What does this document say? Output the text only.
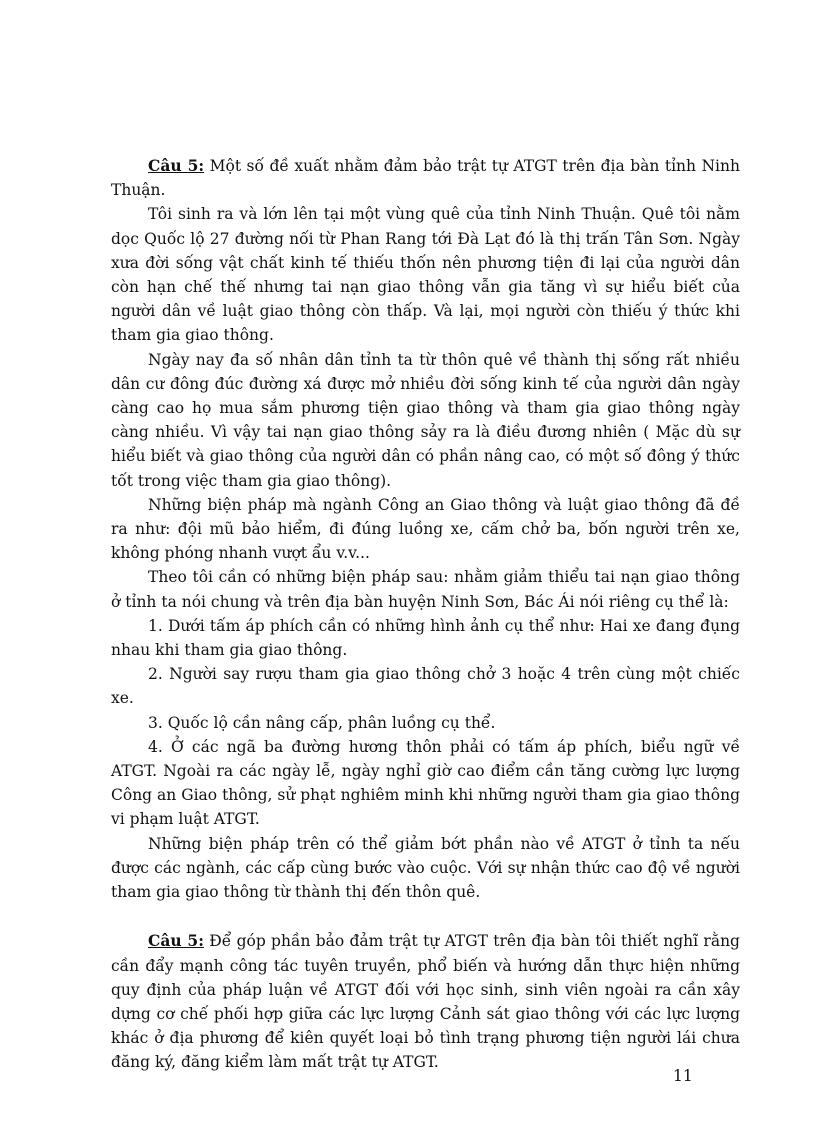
Câu 5: Một số đề xuất nhằm đảm bảo trật tự ATGT trên địa bàn tỉnh Ninh Thuận.

Tôi sinh ra và lớn lên tại một vùng quê của tỉnh Ninh Thuận. Quê tôi nằm dọc Quốc lộ 27 đường nối từ Phan Rang tới Đà Lạt đó là thị trấn Tân Sơn. Ngày xưa đời sống vật chất kinh tế thiếu thốn nên phương tiện đi lại của người dân còn hạn chế thế nhưng tai nạn giao thông vẫn gia tăng vì sự hiểu biết của người dân về luật giao thông còn thấp. Và lại, mọi người còn thiếu ý thức khi tham gia giao thông.

Ngày nay đa số nhân dân tỉnh ta từ thôn quê về thành thị sống rất nhiều dân cư đông đúc đường xá được mở nhiều đời sống kinh tế của người dân ngày càng cao họ mua sắm phương tiện giao thông và tham gia giao thông ngày càng nhiều. Vì vậy tai nạn giao thông sảy ra là điều đương nhiên ( Mặc dù sự hiểu biết và giao thông của người dân có phần nâng cao, có một số đông ý thức tốt trong việc tham gia giao thông).

Những biện pháp mà ngành Công an Giao thông và luật giao thông đã đề ra như: đội mũ bảo hiểm, đi đúng luồng xe, cấm chở ba, bốn người trên xe, không phóng nhanh vượt ẩu v.v...

Theo tôi cần có những biện pháp sau: nhằm giảm thiểu tai nạn giao thông ở tỉnh ta nói chung và trên địa bàn huyện Ninh Sơn, Bác Ái nói riêng cụ thể là:

1. Dưới tấm áp phích cần có những hình ảnh cụ thể như: Hai xe đang đụng nhau khi tham gia giao thông.

2. Người say rượu tham gia giao thông chở 3 hoặc 4 trên cùng một chiếc xe.

3. Quốc lộ cần nâng cấp, phân luồng cụ thể.

4. Ở các ngã ba đường hương thôn phải có tấm áp phích, biểu ngữ về ATGT. Ngoài ra các ngày lễ, ngày nghỉ giờ cao điểm cần tăng cường lực lượng Công an Giao thông, sử phạt nghiêm minh khi những người tham gia giao thông vi phạm luật ATGT.

Những biện pháp trên có thể giảm bớt phần nào về ATGT ở tỉnh ta nếu được các ngành, các cấp cùng bước vào cuộc. Với sự nhận thức cao độ về người tham gia giao thông từ thành thị đến thôn quê.

Câu 5: Để góp phần bảo đảm trật tự ATGT trên địa bàn tôi thiết nghĩ rằng cần đẩy mạnh công tác tuyên truyền, phổ biến và hướng dẫn thực hiện những quy định của pháp luận về ATGT đối với học sinh, sinh viên ngoài ra cần xây dựng cơ chế phối hợp giữa các lực lượng Cảnh sát giao thông với các lực lượng khác ở địa phương để kiên quyết loại bỏ tình trạng phương tiện người lái chưa đăng ký, đăng kiểm làm mất trật tự ATGT.

11
